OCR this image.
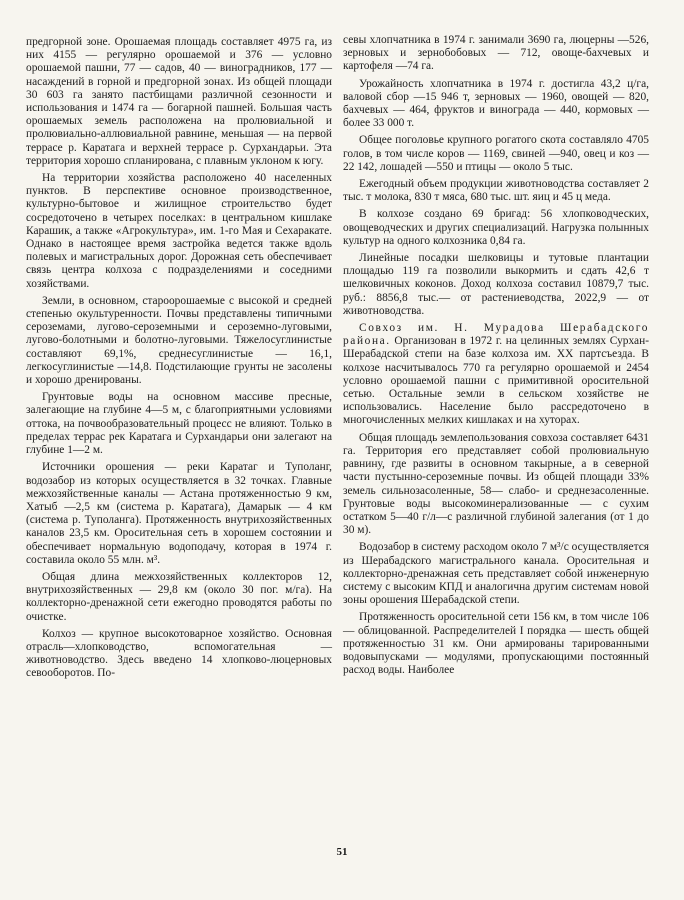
предгорной зоне. Орошаемая площадь составляет 4975 га, из них 4155 — регулярно орошаемой и 376 — условно орошаемой пашни, 77 — садов, 40 — виноградников, 177 — насаждений в горной и предгорной зонах. Из общей площади 30 603 га занято пастбищами различной сезонности и использования и 1474 га — богарной пашней. Большая часть орошаемых земель расположена на пролювиальной и пролювиально-аллювиальной равнине, меньшая — на первой террасе р. Каратага и верхней террасе р. Сурхандарьи. Эта территория хорошо спланирована, с плавным уклоном к югу.

На территории хозяйства расположено 40 населенных пунктов. В перспективе основное производственное, культурно-бытовое и жилищное строительство будет сосредоточено в четырех поселках: в центральном кишлаке Карашик, а также «Агрокультура», им. 1-го Мая и Сехаракате. Однако в настоящее время застройка ведется также вдоль полевых и магистральных дорог. Дорожная сеть обеспечивает связь центра колхоза с подразделениями и соседними хозяйствами.

Земли, в основном, староорошаемые с высокой и средней степенью окультуренности. Почвы представлены типичными сероземами, лугово-сероземными и сероземно-луговыми, лугово-болотными и болотно-луговыми. Тяжелосуглинистые составляют 69,1%, среднесуглинистые — 16,1, легкосуглинистые —14,8. Подстилающие грунты не засолены и хорошо дренированы.

Грунтовые воды на основном массиве пресные, залегающие на глубине 4—5 м, с благоприятными условиями оттока, на почвообразовательный процесс не влияют. Только в пределах террас рек Каратага и Сурхандарьи они залегают на глубине 1—2 м.

Источники орошения — реки Каратаг и Туполанг, водозабор из которых осуществляется в 32 точках. Главные межхозяйственные каналы — Астана протяженностью 9 км, Хатыб —2,5 км (система р. Каратага), Дамарык — 4 км (система р. Туполанга). Протяженность внутрихозяйственных каналов 23,5 км. Оросительная сеть в хорошем состоянии и обеспечивает нормальную водоподачу, которая в 1974 г. составила около 55 млн. м³.

Общая длина межхозяйственных коллекторов 12, внутрихозяйственных — 29,8 км (около 30 пог. м/га). На коллекторно-дренажной сети ежегодно проводятся работы по очистке.

Колхоз — крупное высокотоварное хозяйство. Основная отрасль—хлопководство, вспомогательная — животноводство. Здесь введено 14 хлопково-люцерновых севооборотов. По-

севы хлопчатника в 1974 г. занимали 3690 га, люцерны —526, зерновых и зернобобовых — 712, овоще-бахчевых и картофеля —74 га.

Урожайность хлопчатника в 1974 г. достигла 43,2 ц/га, валовой сбор —15 946 т, зерновых — 1960, овощей — 820, бахчевых — 464, фруктов и винограда — 440, кормовых — более 33 000 т.

Общее поголовье крупного рогатого скота составляло 4705 голов, в том числе коров — 1169, свиней —940, овец и коз —22 142, лошадей —550 и птицы — около 5 тыс.

Ежегодный объем продукции животноводства составляет 2 тыс. т молока, 830 т мяса, 680 тыс. шт. яиц и 45 ц меда.

В колхозе создано 69 бригад: 56 хлопководческих, овощеводческих и других специализаций. Нагрузка полынных культур на одного колхозника 0,84 га.

Линейные посадки шелковицы и тутовые плантации площадью 119 га позволили выкормить и сдать 42,6 т шелковичных коконов. Доход колхоза составил 10879,7 тыс. руб.: 8856,8 тыс.— от растениеводства, 2022,9 — от животноводства.

Совхоз им. Н. Мурадова Шерабадского района. Организован в 1972 г. на целинных землях Сурхан-Шерабадской степи на базе колхоза им. XX партсъезда. В колхозе насчитывалось 770 га регулярно орошаемой и 2454 условно орошаемой пашни с примитивной оросительной сетью. Остальные земли в сельском хозяйстве не использовались. Население было рассредоточено в многочисленных мелких кишлаках и на хуторах.

Общая площадь землепользования совхоза составляет 6431 га. Территория его представляет собой пролювиальную равнину, где развиты в основном такырные, а в северной части пустынно-сероземные почвы. Из общей площади 33% земель сильнозасоленные, 58— слабо- и среднезасоленные. Грунтовые воды высокоминерализованные — с сухим остатком 5—40 г/л—с различной глубиной залегания (от 1 до 30 м).

Водозабор в систему расходом около 7 м³/с осуществляется из Шерабадского магистрального канала. Оросительная и коллекторно-дренажная сеть представляет собой инженерную систему с высоким КПД и аналогична другим системам новой зоны орошения Шерабадской степи.

Протяженность оросительной сети 156 км, в том числе 106 — облицованной. Распределителей I порядка — шесть общей протяженностью 31 км. Они армированы тарированными водовыпусками — модулями, пропускающими постоянный расход воды. Наиболее

51
